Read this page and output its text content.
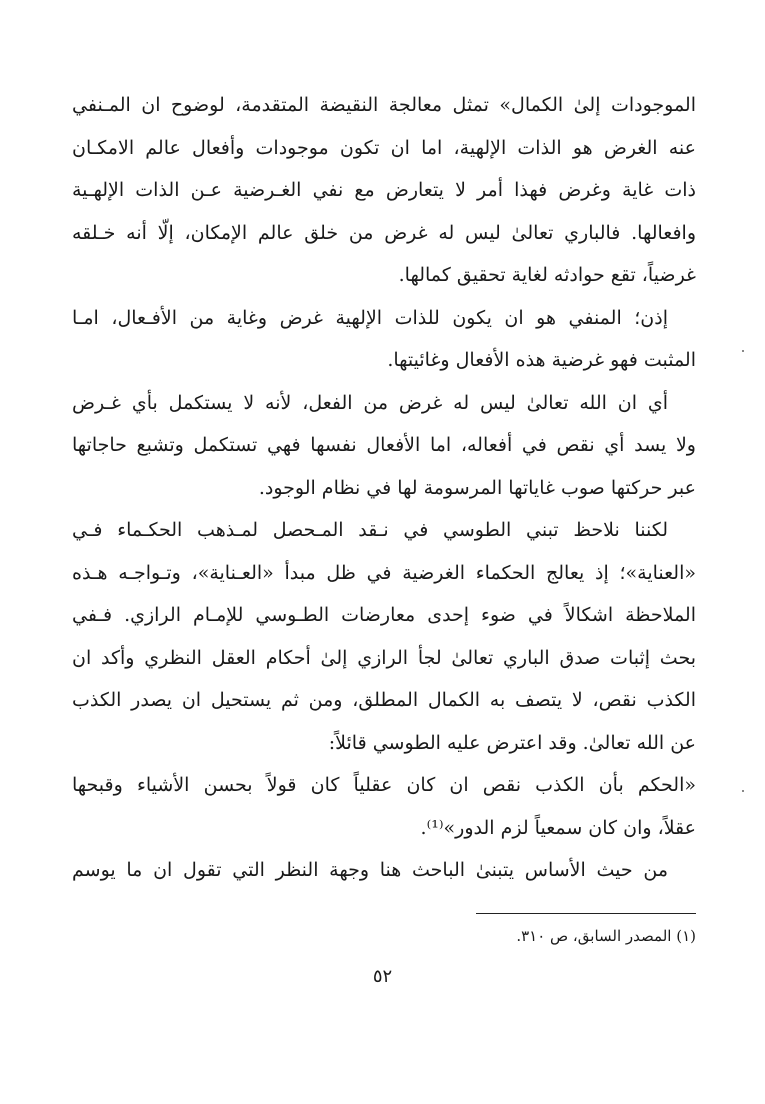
الموجودات إلىٰ الكمال» تمثل معالجة النقيضة المتقدمة، لوضوح ان المـنفي
عنه الغرض هو الذات الإلهية، اما ان تكون موجودات وأفعال عالم الامكـان
ذات غاية وغرض فهذا أمر لا يتعارض مع نفي الغـرضية عـن الذات الإلهـية
وافعالها. فالباري تعالىٰ ليس له غرض من خلق عالم الإمكان، إلّا أنه خـلقه
غرضياً، تقع حوادثه لغاية تحقيق كمالها.
إذن؛ المنفي هو ان يكون للذات الإلهية غرض وغاية من الأفـعال، امـا
المثبت فهو غرضية هذه الأفعال وغائيتها.
أي ان الله تعالىٰ ليس له غرض من الفعل، لأنه لا يستكمل بأي غـرض
ولا يسد أي نقص في أفعاله، اما الأفعال نفسها فهي تستكمل وتشبع حاجاتها
عبر حركتها صوب غاياتها المرسومة لها في نظام الوجود.
لكننا نلاحظ تبني الطوسي في نـقد المـحصل لمـذهب الحكـماء فـي
«العناية»؛ إذ يعالج الحكماء الغرضية في ظل مبدأ «العـناية»، وتـواجـه هـذه
الملاحظة اشكالاً في ضوء إحدى معارضات الطـوسي للإمـام الرازي. فـفي
بحث إثبات صدق الباري تعالىٰ لجأ الرازي إلىٰ أحكام العقل النظري وأكد ان
الكذب نقص، لا يتصف به الكمال المطلق، ومن ثم يستحيل ان يصدر الكذب
عن الله تعالىٰ. وقد اعترض عليه الطوسي قائلاً:
«الحكم بأن الكذب نقص ان كان عقلياً كان قولاً بحسن الأشياء وقبحها
عقلاً، وان كان سمعياً لزم الدور»⁽¹⁾.
من حيث الأساس يتبنىٰ الباحث هنا وجهة النظر التي تقول ان ما يوسم
(١) المصدر السابق، ص ٣١٠.
٥٢
